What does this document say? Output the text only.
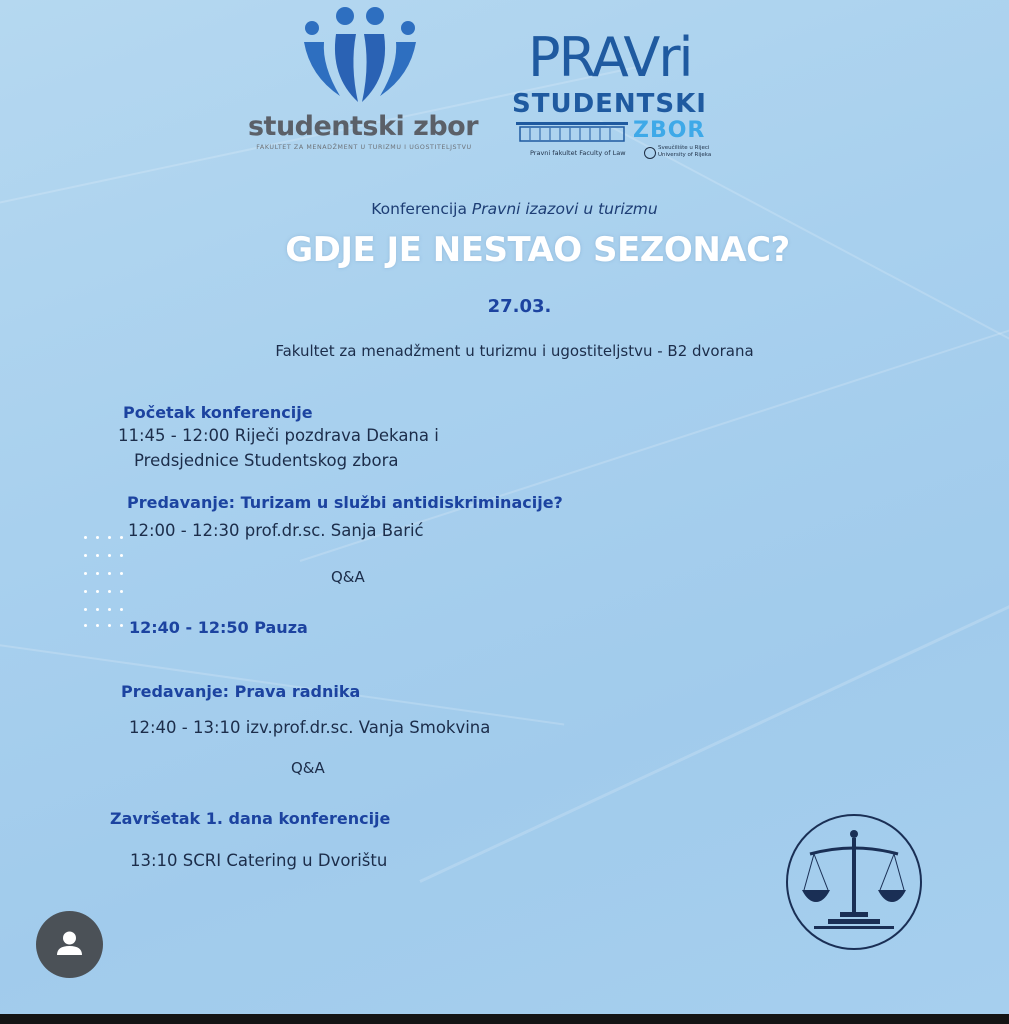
studentski zbor
FAKULTET ZA MENADŽMENT U TURIZMU I UGOSTITELJSTVU
PRAVri
STUDENTSKI
ZBOR
Pravni fakultet Faculty of Law
Sveučilište u Rijeci University of Rijeka
Konferencija Pravni izazovi u turizmu
GDJE JE NESTAO SEZONAC?
27.03.
Fakultet za menadžment u turizmu i ugostiteljstvu - B2 dvorana
Početak konferencije
11:45 - 12:00 Riječi pozdrava Dekana i
Predsjednice Studentskog zbora
Predavanje: Turizam u službi antidiskriminacije?
12:00 - 12:30 prof.dr.sc. Sanja Barić
Q&A
12:40 - 12:50 Pauza
Predavanje: Prava radnika
12:40 - 13:10 izv.prof.dr.sc. Vanja Smokvina
Q&A
Završetak 1. dana konferencije
13:10 SCRI Catering u Dvorištu
